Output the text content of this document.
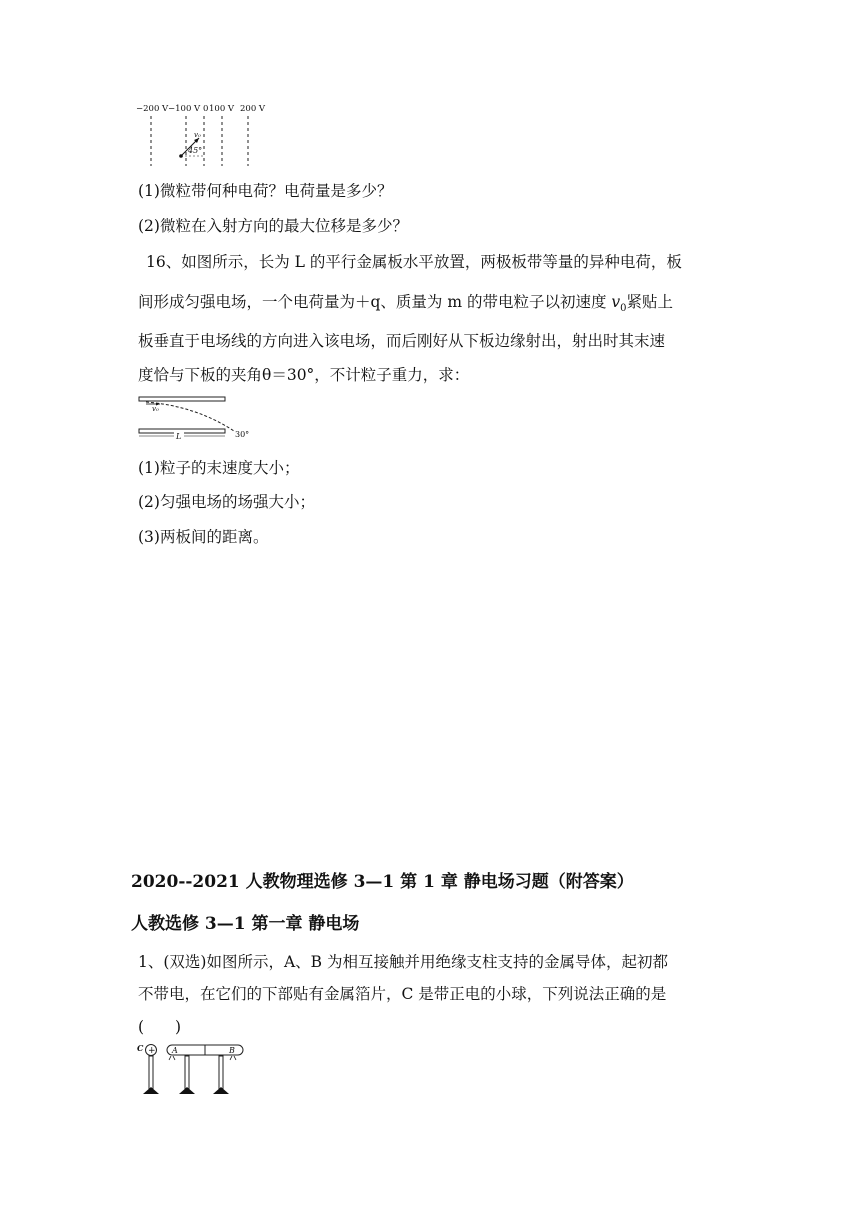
−200 V −100 V 0 100 V 200 V
v₀
45°
(1)微粒带何种电荷？电荷量是多少？
(2)微粒在入射方向的最大位移是多少？
16、如图所示，长为 L 的平行金属板水平放置，两极板带等量的异种电荷，板
间形成匀强电场，一个电荷量为＋q、质量为 m 的带电粒子以初速度 $v_0$紧贴上
板垂直于电场线的方向进入该电场，而后刚好从下板边缘射出，射出时其末速
度恰与下板的夹角θ＝30°，不计粒子重力，求：
v₀
L	30°
(1)粒子的末速度大小；
(2)匀强电场的场强大小；
(3)两板间的距离。
2020--2021 人教物理选修 3—1 第 1 章 静电场习题（附答案）
人教选修 3—1 第一章 静电场
1、(双选)如图所示，A、B 为相互接触并用绝缘支柱支持的金属导体，起初都
不带电，在它们的下部贴有金属箔片，C 是带正电的小球，下列说法正确的是
(　　)
C + A	B
